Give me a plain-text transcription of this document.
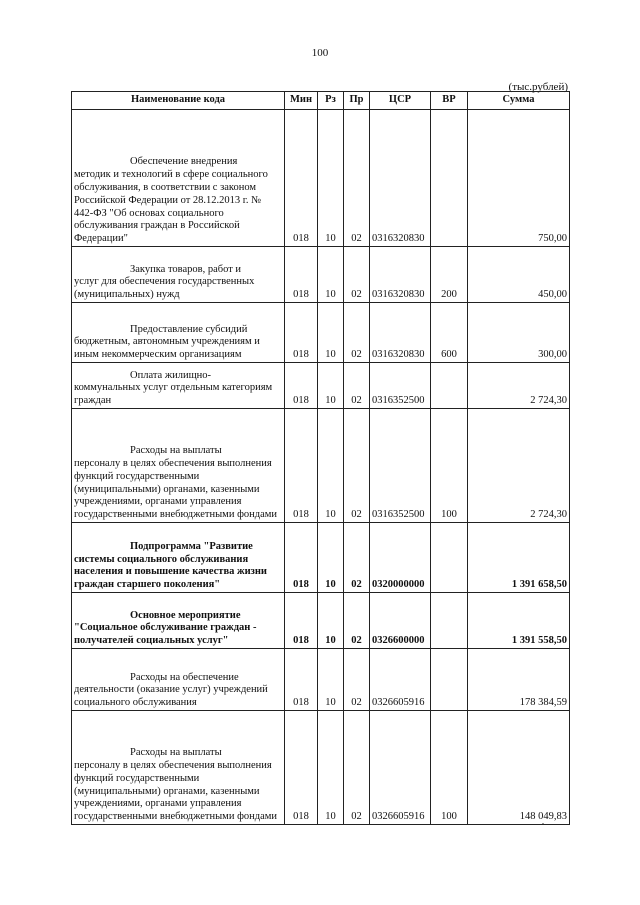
100
(тыс.рублей)
Наименование кода	Мин	Рз	Пр	ЦСР	ВР	Сумма

Обеспечение внедрения
методик и технологий в сфере социального обслуживания, в соответствии с законом Российской Федерации от 28.12.2013 г. № 442-ФЗ "Об основах социального обслуживания граждан в Российской Федерации"	018	10	02	0316320830		750,00

Закупка товаров, работ и
услуг для обеспечения государственных (муниципальных) нужд	018	10	02	0316320830	200	450,00

Предоставление субсидий
бюджетным, автономным учреждениям и иным некоммерческим организациям	018	10	02	0316320830	600	300,00

Оплата жилищно-
коммунальных услуг отдельным категориям граждан	018	10	02	0316352500		2 724,30

Расходы на выплаты
персоналу в целях обеспечения выполнения функций государственными (муниципальными) органами, казенными учреждениями, органами управления государственными внебюджетными фондами	018	10	02	0316352500	100	2 724,30

Подпрограмма "Развитие
системы социального обслуживания населения и повышение качества жизни граждан старшего поколения"	018	10	02	0320000000		1 391 658,50

Основное мероприятие
"Социальное обслуживание граждан - получателей социальных услуг"	018	10	02	0326600000		1 391 558,50

Расходы на обеспечение
деятельности (оказание услуг) учреждений социального обслуживания	018	10	02	0326605916		178 384,59

Расходы на выплаты
персоналу в целях обеспечения выполнения функций государственными (муниципальными) органами, казенными учреждениями, органами управления государственными внебюджетными фондами	018	10	02	0326605916	100	148 049,83
